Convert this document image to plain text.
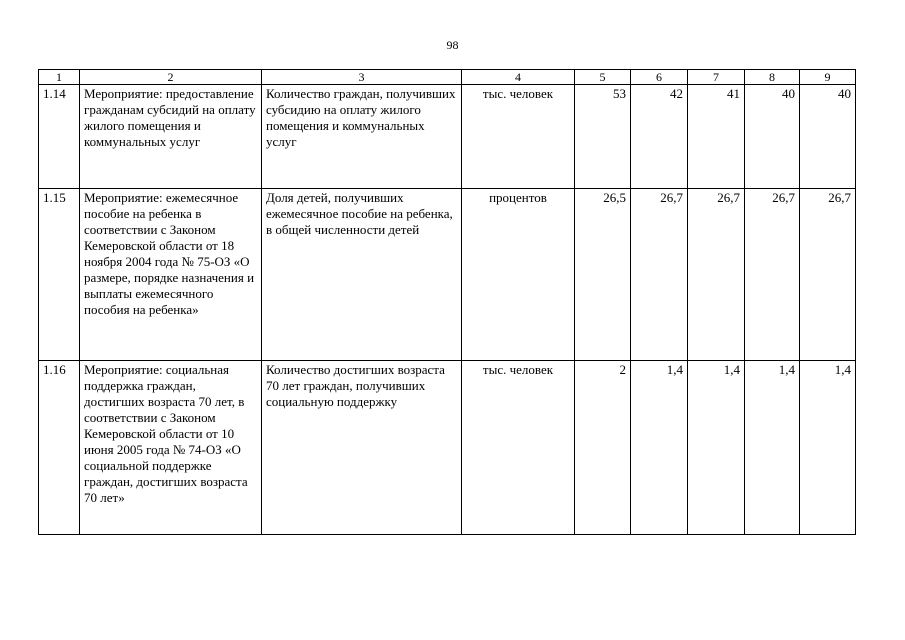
98
1	2	3	4	5	6	7	8	9
1.14	Мероприятие: предоставление гражданам субсидий на оплату жилого помещения и коммунальных услуг	Количество граждан, получивших субсидию на оплату жилого помещения и коммунальных услуг	тыс. человек	53	42	41	40	40
1.15	Мероприятие: ежемесячное пособие на ребенка в соответствии с Законом Кемеровской области от 18 ноября 2004 года № 75-ОЗ «О размере, порядке назначения и выплаты ежемесячного пособия на ребенка»	Доля детей, получивших ежемесячное пособие на ребенка, в общей численности детей	процентов	26,5	26,7	26,7	26,7	26,7
1.16	Мероприятие: социальная поддержка граждан, достигших возраста 70 лет, в соответствии с Законом Кемеровской области от 10 июня 2005 года № 74-ОЗ «О социальной поддержке граждан, достигших возраста 70 лет»	Количество достигших возраста 70 лет граждан, получивших социальную поддержку	тыс. человек	2	1,4	1,4	1,4	1,4
